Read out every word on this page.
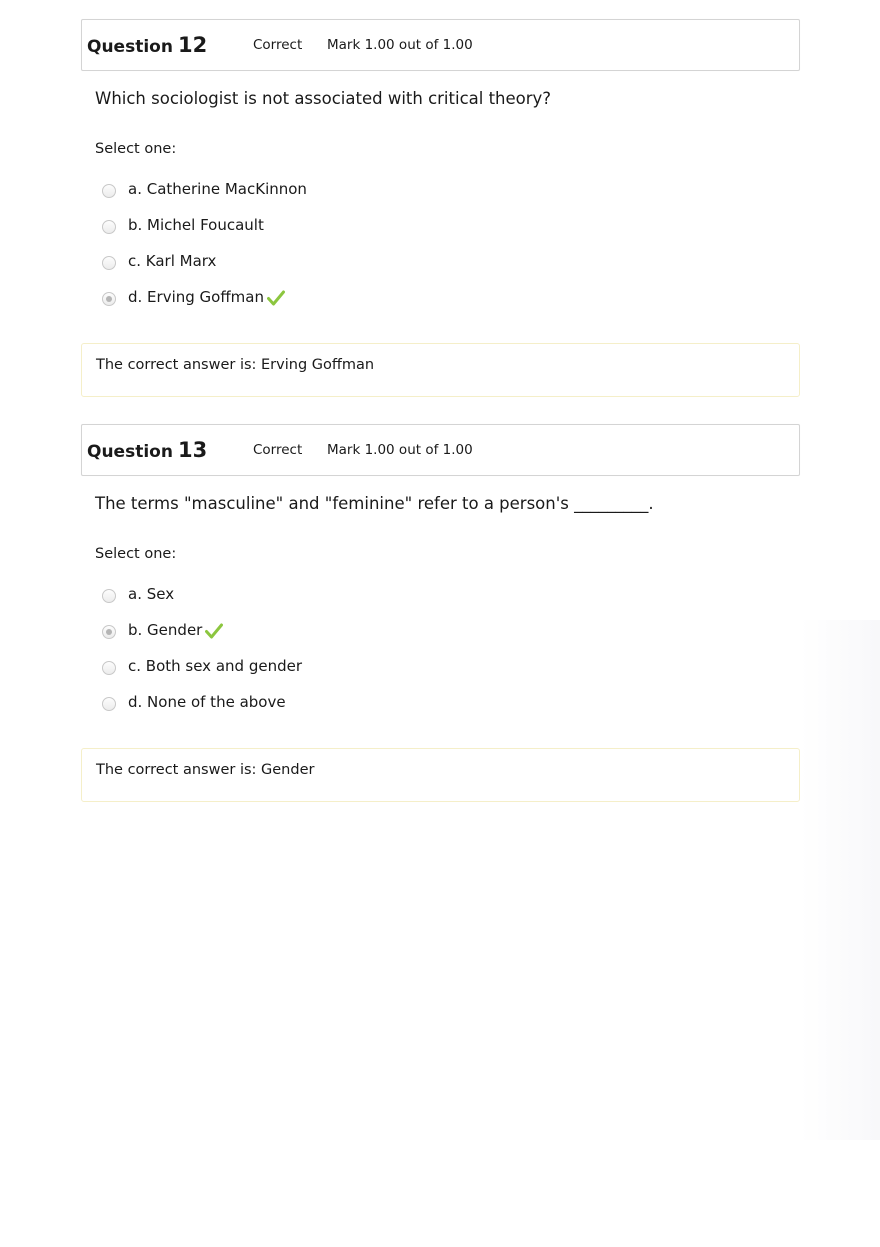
Question 12	Correct	Mark 1.00 out of 1.00
Which sociologist is not associated with critical theory?
Select one:
a. Catherine MacKinnon
b. Michel Foucault
c. Karl Marx
d. Erving Goffman
The correct answer is: Erving Goffman
Question 13	Correct	Mark 1.00 out of 1.00
The terms "masculine" and "feminine" refer to a person's _________.
Select one:
a. Sex
b. Gender
c. Both sex and gender
d. None of the above
The correct answer is: Gender
